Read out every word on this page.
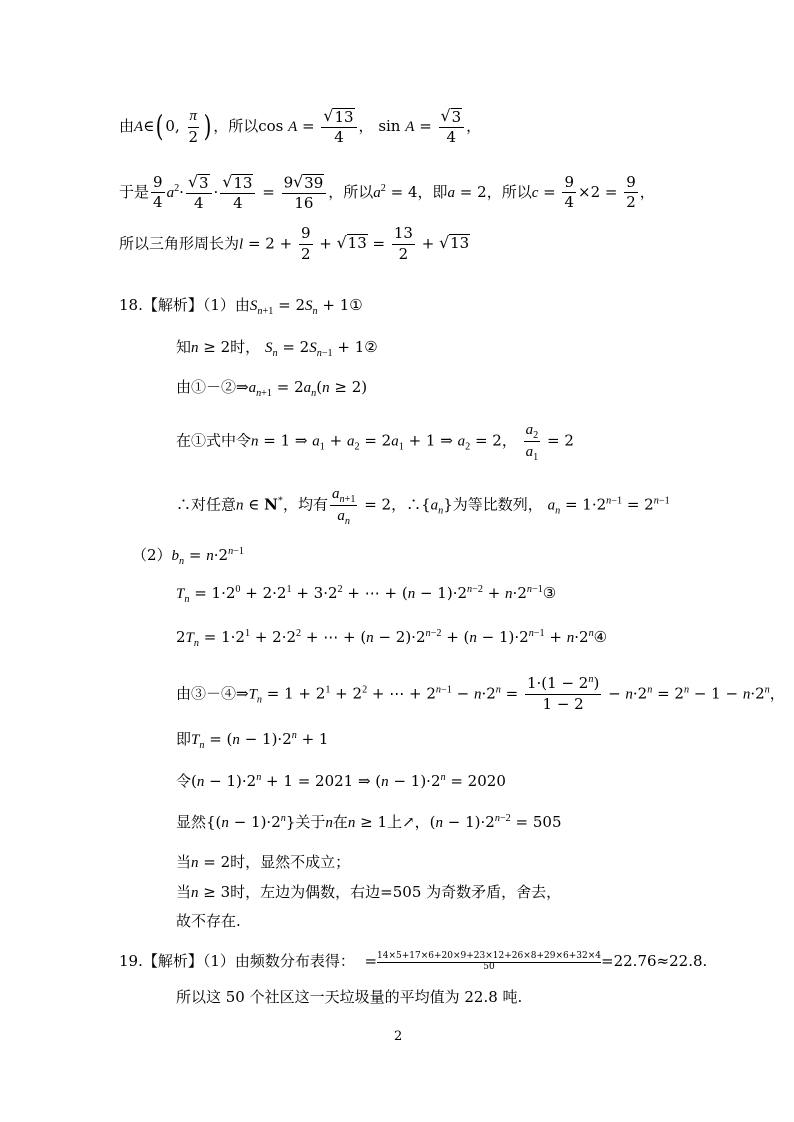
由A∈( 0, $\frac{\pi}{2}$ ) ，所以$\cos A = \frac{√ 13}{4}$ ， $\sin A = \frac{√ 3}{4}$ ，
于是 $\frac{9}{4} a^2\cdot \frac{√ 3}{4} \cdot \frac{√ 13}{4} = \frac{9 √ 39}{16}$ ，所以$a^2 = 4$，即a = 2，所以$c = \frac{9}{4} \times 2 = \frac{9}{2}$ ，
所以三角形周长为$l = 2 + \frac{9}{2}$ + √ $13 = \frac{13}{2}$ + √ 13
18.【解析】（1）由$S_{n+1} = 2S_n$ + 1①
知n ≥ 2时， $S_n = 2S_{n-1}$ + 1②
由$①-②\Rightarrow a_{n+1} = 2a_n(n \ge 2)$
在①式中令n = 1 ⇒ $a_1 + a_2 = 2a_1 + 1$ ⇒ $a_2 = 2$， $\frac{a_2}{a_1} = 2$
∴对任意n ∈ N*，均有 $\frac{a_{n+1}}{a_n} = 2$，$\therefore\{a_n\}$为等比数列， $a_n = 1\cdot 2^{n-1} = 2^{n-1}$
$(2)b_n = n\cdot 2^{n-1}$
$T_n = 1\cdot 2^0 + 2\cdot 2^1 + 3\cdot 2^2$ + ⋯ + $(n - 1)\cdot 2^{n-2}$ + $n\cdot 2^{n-1}③$
$2T_n = 1\cdot 2^1 + 2\cdot 2^2$ + ⋯ + $(n - 2)\cdot 2^{n-2} + (n - 1)\cdot 2^{n-1}$ + $n\cdot 2^n④$
由$③-④\Rightarrow T_n = 1 + 2^1 + 2^2$ + ⋯ + $2^{n-1} - n\cdot 2^n = \frac{1\cdot(1 - 2^n)}{1 - 2} - n\cdot 2^n = 2^n - 1 - n\cdot 2^n$，
即$T_n = (n - 1)\cdot 2^n + 1$
令$(n - 1)\cdot 2^n + 1 = 2021$ ⇒ $(n - 1)\cdot 2^n = 2020$
显然$\{(n - 1)\cdot 2^n\}$关于n在n ≥ 1上↗，$(n - 1)\cdot 2^{n-2} = 505$
当n = 2时，显然不成立；
当n ≥ 3时，左边为偶数，右边=505 为奇数矛盾，舍去，
故不存在.
19.【解析】（1）由频数分布表得：  = $\frac{14\times 5+17\times 6+20\times 9+23\times 12+26\times 8+29\times 6+32\times 4}{50} =22.76\approx 22.8$.
所以这 50 个社区这一天垃圾量的平均值为 22.8 吨.
2
